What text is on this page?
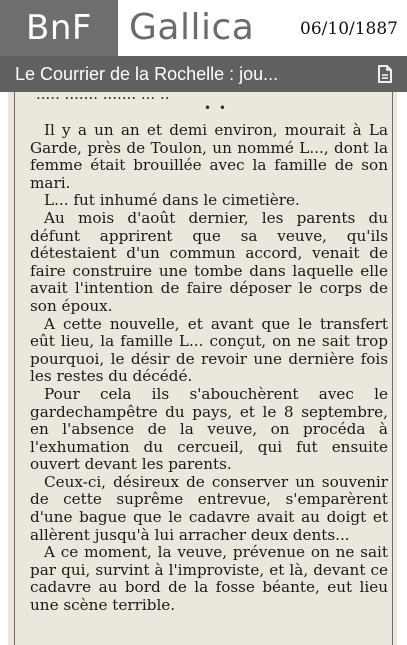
BnF	Gallica	06/10/1887
Le Courrier de la Rochelle : jou...
..... ....... ....... ... ..
• •

Il y a un an et demi environ, mourait à La Garde, près de Toulon, un nommé L..., dont la femme était brouillée avec la famille de son mari.

L... fut inhumé dans le cimetière.

Au mois d'août dernier, les parents du défunt apprirent que sa veuve, qu'ils détestaient d'un commun accord, venait de faire construire une tombe dans laquelle elle avait l'intention de faire déposer le corps de son époux.

A cette nouvelle, et avant que le transfert eût lieu, la famille L... conçut, on ne sait trop pourquoi, le désir de revoir une dernière fois les restes du décédé.

Pour cela ils s'abouchèrent avec le gardechampêtre du pays, et le 8 septembre, en l'absence de la veuve, on procéda à l'exhumation du cercueil, qui fut ensuite ouvert devant les parents.

Ceux-ci, désireux de conserver un souvenir de cette suprême entrevue, s'emparèrent d'une bague que le cadavre avait au doigt et allèrent jusqu'à lui arracher deux dents...

A ce moment, la veuve, prévenue on ne sait par qui, survint à l'improviste, et là, devant ce cadavre au bord de la fosse béante, eut lieu une scène terrible.
